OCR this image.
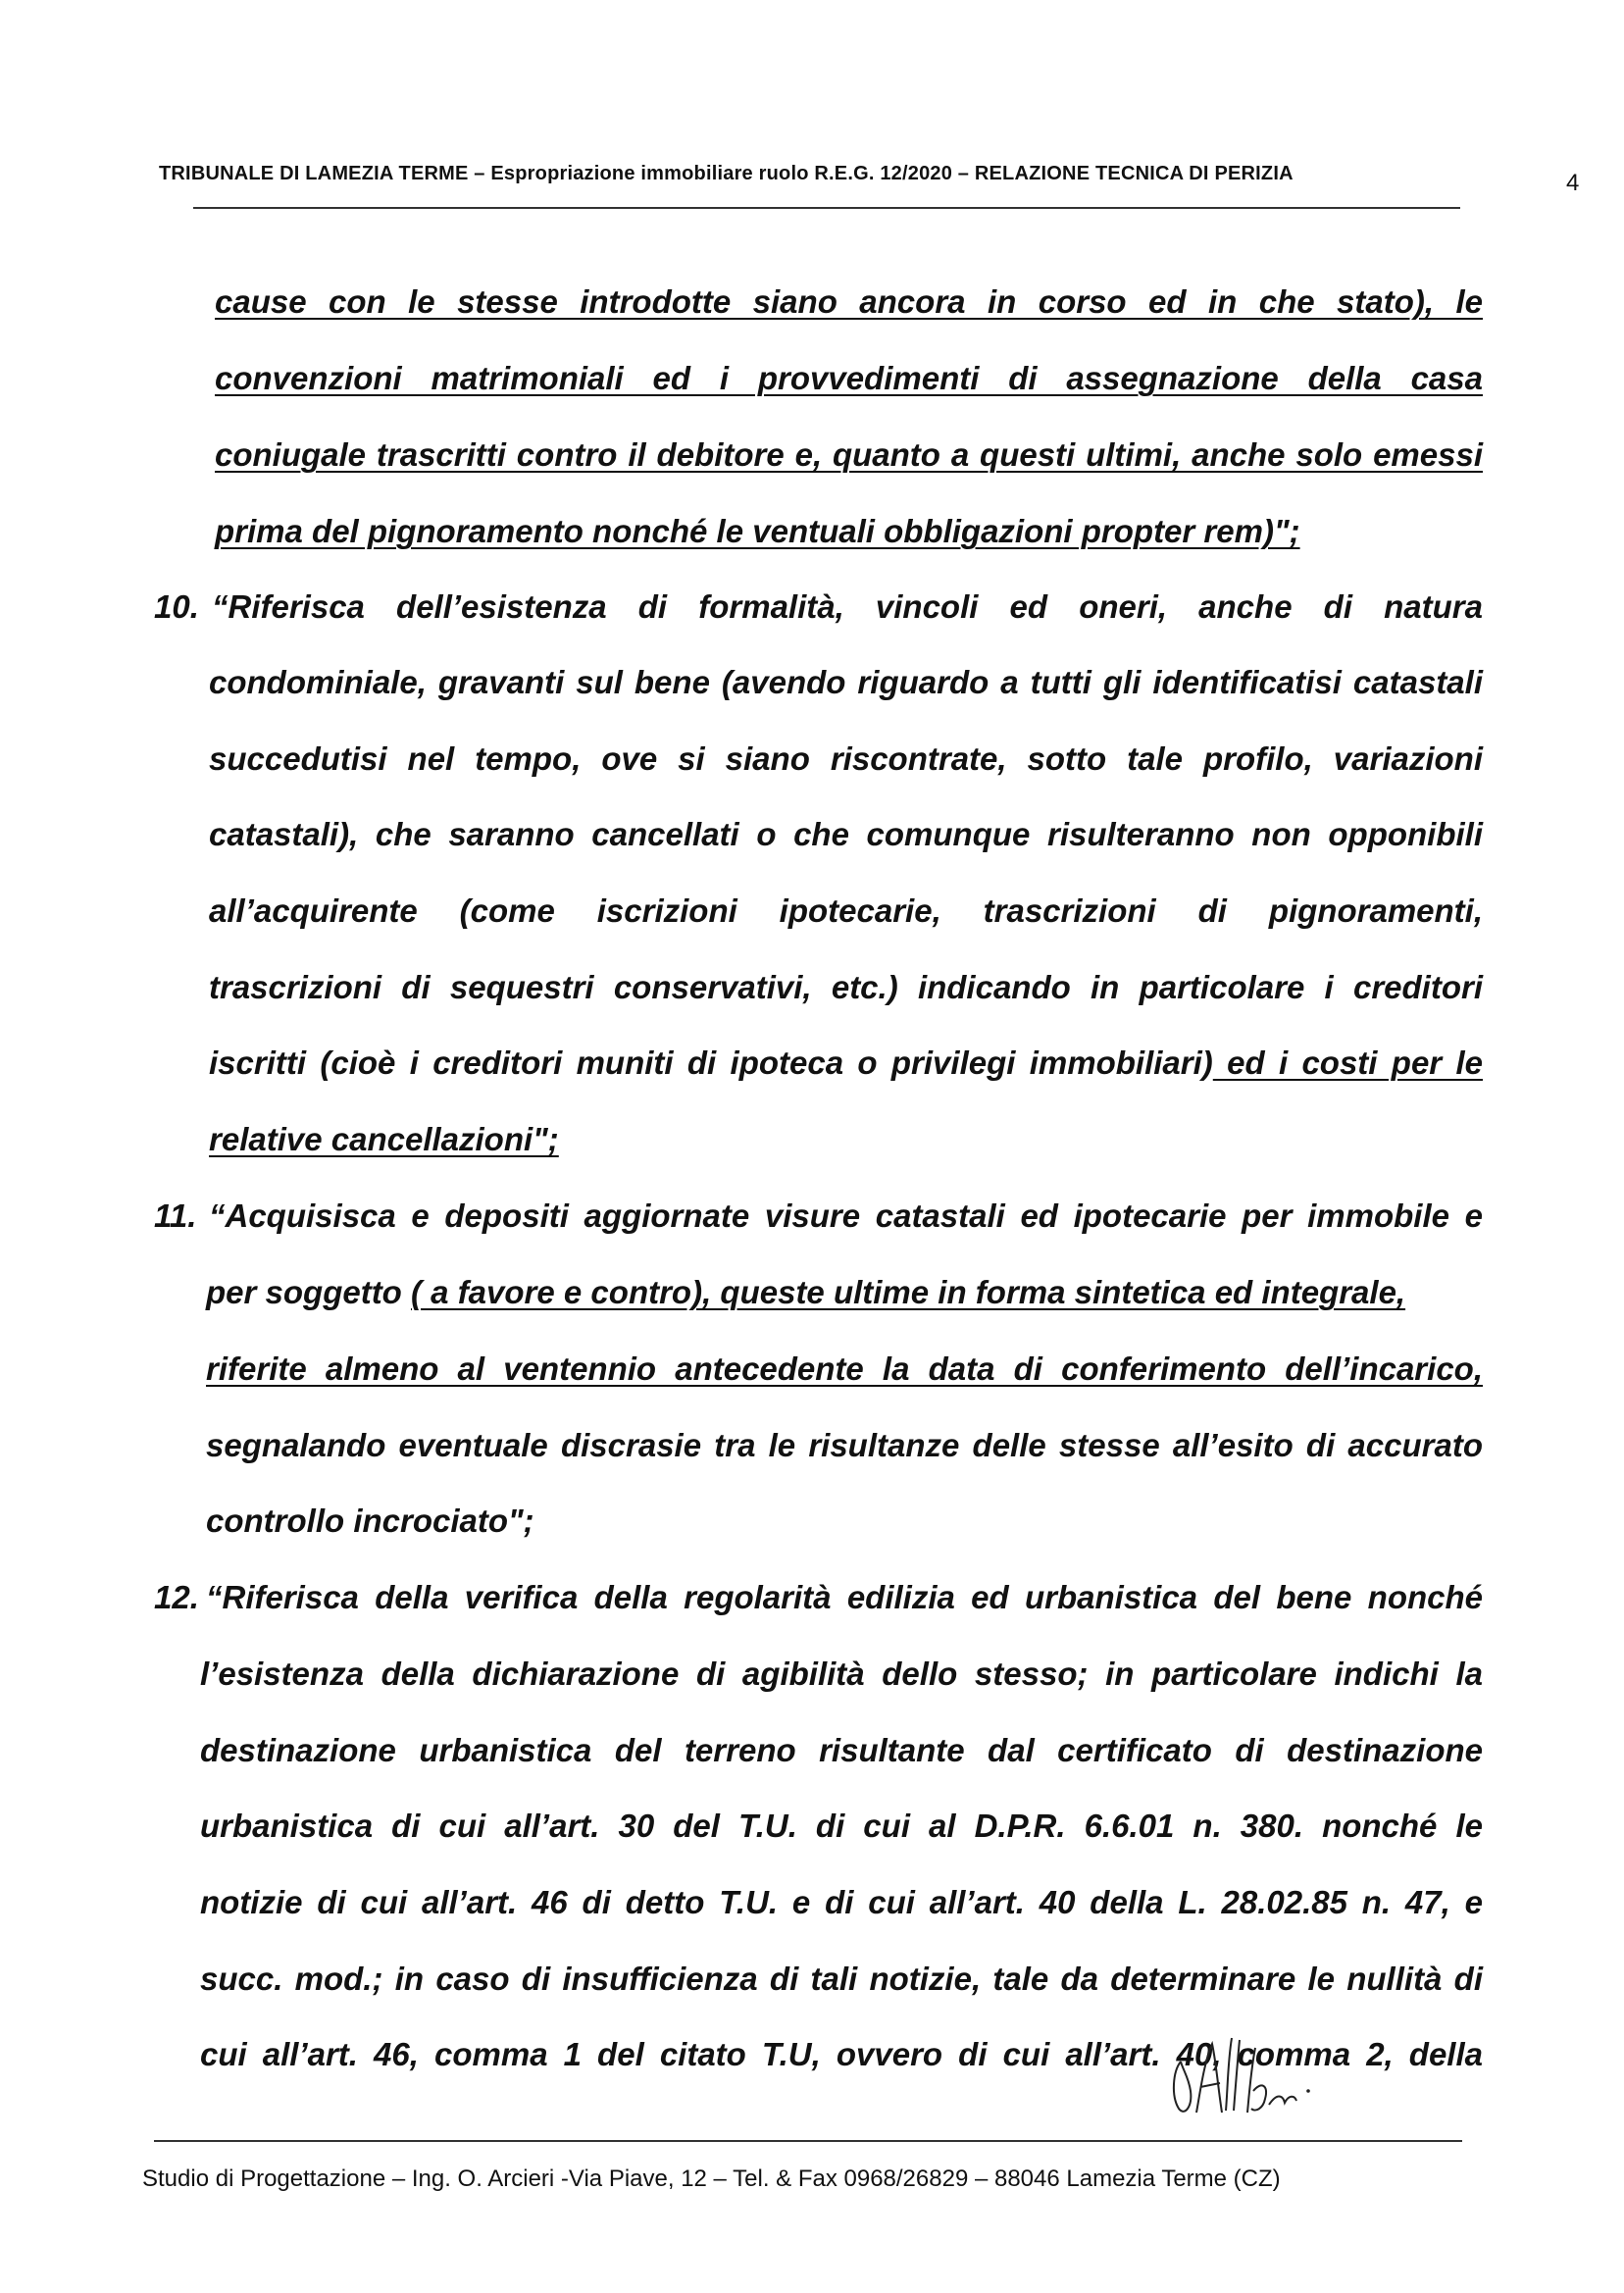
TRIBUNALE DI LAMEZIA TERME – Espropriazione immobiliare ruolo R.E.G. 12/2020 – RELAZIONE TECNICA DI PERIZIA	4
cause con le stesse introdotte siano ancora in corso ed in che stato), le
convenzioni matrimoniali ed i provvedimenti di assegnazione della casa
coniugale trascritti contro il debitore e, quanto a questi ultimi, anche solo emessi
prima del pignoramento nonché le ventuali obbligazioni propter rem)";
10. “Riferisca dell’esistenza di formalità, vincoli ed oneri, anche di natura
condominiale, gravanti sul bene (avendo riguardo a tutti gli identificatisi catastali
succedutisi nel tempo, ove si siano riscontrate, sotto tale profilo, variazioni
catastali), che saranno cancellati o che comunque risulteranno non opponibili
all’acquirente (come iscrizioni ipotecarie, trascrizioni di pignoramenti,
trascrizioni di sequestri conservativi, etc.) indicando in particolare i creditori
iscritti (cioè i creditori muniti di ipoteca o privilegi immobiliari) ed i costi per le
relative cancellazioni";
11. “Acquisisca e depositi aggiornate visure catastali ed ipotecarie per immobile e
per soggetto ( a favore e contro), queste ultime in forma sintetica ed integrale,
riferite almeno al ventennio antecedente la data di conferimento dell’incarico,
segnalando eventuale discrasie tra le risultanze delle stesse all’esito di accurato
controllo incrociato";
12. “Riferisca della verifica della regolarità edilizia ed urbanistica del bene nonché
l’esistenza della dichiarazione di agibilità dello stesso; in particolare indichi la
destinazione urbanistica del terreno risultante dal certificato di destinazione
urbanistica di cui all’art. 30 del T.U. di cui al D.P.R. 6.6.01 n. 380. nonché le
notizie di cui all’art. 46 di detto T.U. e di cui all’art. 40 della L. 28.02.85 n. 47, e
succ. mod.; in caso di insufficienza di tali notizie, tale da determinare le nullità di
cui all’art. 46, comma 1 del citato T.U, ovvero di cui all’art. 40, comma 2, della
Studio di Progettazione – Ing. O. Arcieri -Via Piave, 12 – Tel. & Fax 0968/26829 – 88046 Lamezia Terme (CZ)
